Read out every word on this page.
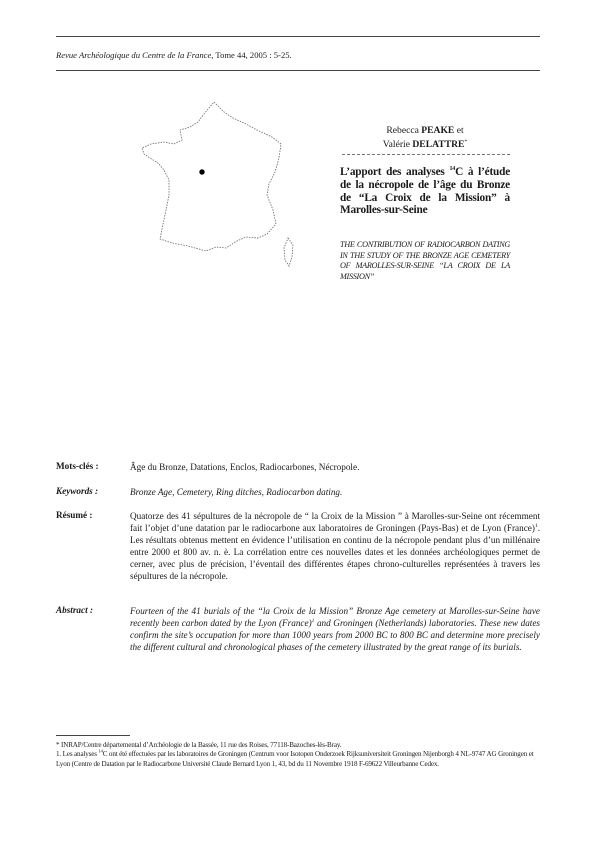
Revue Archéologique du Centre de la France, Tome 44, 2005 : 5-25.
Rebecca PEAKE et
Valérie DELATTRE*
L’apport des analyses $^{14}$C à l’étude de la nécropole de l’âge du Bronze de “La Croix de la Mission” à Marolles-sur-Seine
THE CONTRIBUTION OF RADIOCARBON DATING IN THE STUDY OF THE BRONZE AGE CEMETERY OF MAROLLES-SUR-SEINE “LA CROIX DE LA MISSION”
Mots-clés :	Âge du Bronze, Datations, Enclos, Radiocarbones, Nécropole.
Keywords :	Bronze Age, Cemetery, Ring ditches, Radiocarbon dating.
Résumé :	Quatorze des 41 sépultures de la nécropole de “ la Croix de la Mission ” à Marolles-sur-Seine ont récemment fait l’objet d’une datation par le radiocarbone aux laboratoires de Groningen (Pays-Bas) et de Lyon (France)$^1$. Les résultats obtenus mettent en évidence l’utilisation en continu de la nécropole pendant plus d’un millénaire entre 2000 et 800 av. n. è. La corrélation entre ces nouvelles dates et les données archéologiques permet de cerner, avec plus de précision, l’éventail des différentes étapes chrono-culturelles représentées à travers les sépultures de la nécropole.
Abstract :	Fourteen of the 41 burials of the “la Croix de la Mission” Bronze Age cemetery at Marolles-sur-Seine have recently been carbon dated by the Lyon (France)$^1$ and Groningen (Netherlands) laboratories. These new dates confirm the site’s occupation for more than 1000 years from 2000 BC to 800 BC and determine more precisely the different cultural and chronological phases of the cemetery illustrated by the great range of its burials.
* INRAP/Centre départemental d’Archéologie de la Bassée, 11 rue des Roises, 77118-Bazoches-lès-Bray.
1. Les analyses $^{14}$C ont été effectuées par les laboratoires de Groningen (Centrum voor Isotopen Onderzoek Rijksuniversiteit Groningen Nijenborgh 4 NL-9747 AG Groningen et Lyon (Centre de Datation par le Radiocarbone Université Claude Bernard Lyon 1, 43, bd du 11 Novembre 1918 F-69622 Villeurbanne Cedex.
